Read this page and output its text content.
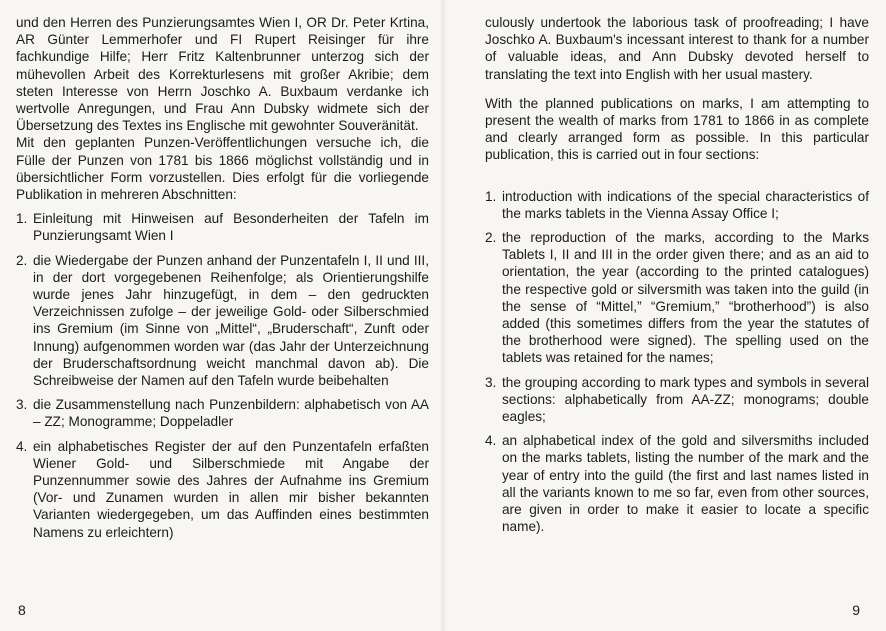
und den Herren des Punzierungsamtes Wien I, OR Dr. Peter Krtina, AR Günter Lemmerhofer und FI Rupert Reisinger für ihre fachkundige Hilfe; Herr Fritz Kaltenbrunner unterzog sich der mühevollen Arbeit des Korrekturlesens mit großer Akribie; dem steten Interesse von Herrn Joschko A. Buxbaum verdanke ich wertvolle Anregungen, und Frau Ann Dubsky widmete sich der Übersetzung des Textes ins Englische mit gewohnter Souveränität.

Mit den geplanten Punzen-Veröffentlichungen versuche ich, die Fülle der Punzen von 1781 bis 1866 möglichst vollständig und in übersichtlicher Form vorzustellen. Dies erfolgt für die vorliegende Publikation in mehreren Abschnitten:

1. Einleitung mit Hinweisen auf Besonderheiten der Tafeln im Punzierungsamt Wien I
2. die Wiedergabe der Punzen anhand der Punzentafeln I, II und III, in der dort vorgegebenen Reihenfolge; als Orientierungshilfe wurde jenes Jahr hinzugefügt, in dem – den gedruckten Verzeichnissen zufolge – der jeweilige Gold- oder Silberschmied ins Gremium (im Sinne von „Mittel“, „Bruderschaft“, Zunft oder Innung) aufgenommen worden war (das Jahr der Unterzeichnung der Bruderschaftsordnung weicht manchmal davon ab). Die Schreibweise der Namen auf den Tafeln wurde beibehalten
3. die Zusammenstellung nach Punzenbildern: alphabetisch von AA – ZZ; Monogramme; Doppeladler
4. ein alphabetisches Register der auf den Punzentafeln erfaßten Wiener Gold- und Silberschmiede mit Angabe der Punzennummer sowie des Jahres der Aufnahme ins Gremium (Vor- und Zunamen wurden in allen mir bisher bekannten Varianten wiedergegeben, um das Auffinden eines bestimmten Namens zu erleichtern)
8

culously undertook the laborious task of proofreading; I have Joschko A. Buxbaum's incessant interest to thank for a number of valuable ideas, and Ann Dubsky devoted herself to translating the text into English with her usual mastery.

With the planned publications on marks, I am attempting to present the wealth of marks from 1781 to 1866 in as complete and clearly arranged form as possible. In this particular publication, this is carried out in four sections:

1. introduction with indications of the special characteristics of the marks tablets in the Vienna Assay Office I;
2. the reproduction of the marks, according to the Marks Tablets I, II and III in the order given there; and as an aid to orientation, the year (according to the printed catalogues) the respective gold or silversmith was taken into the guild (in the sense of “Mittel,” “Gremium,” “brotherhood”) is also added (this sometimes differs from the year the statutes of the brotherhood were signed). The spelling used on the tablets was retained for the names;
3. the grouping according to mark types and symbols in several sections: alphabetically from AA-ZZ; monograms; double eagles;
4. an alphabetical index of the gold and silversmiths included on the marks tablets, listing the number of the mark and the year of entry into the guild (the first and last names listed in all the variants known to me so far, even from other sources, are given in order to make it easier to locate a specific name).
9
